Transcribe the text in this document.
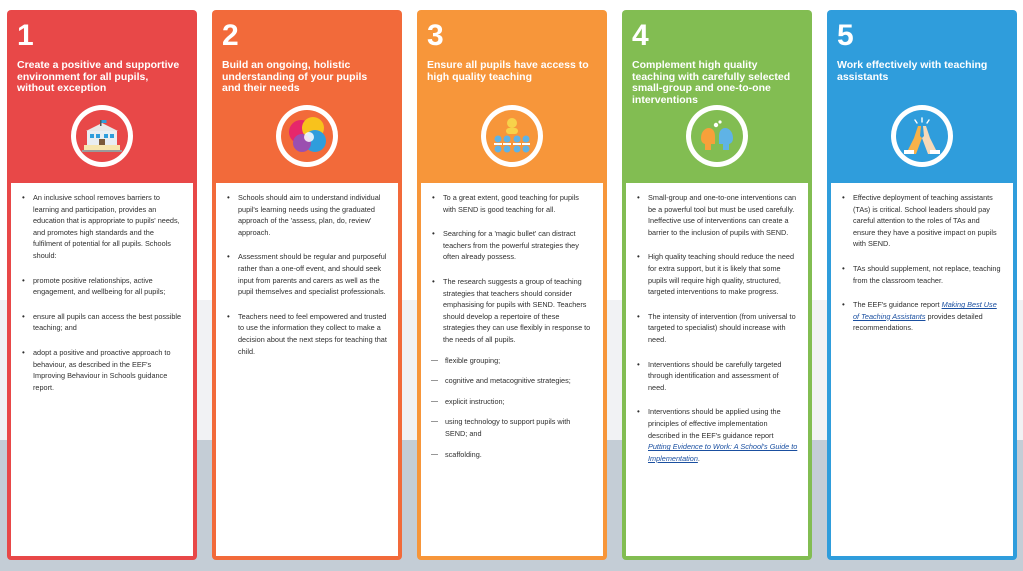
1
Create a positive and supportive environment for all pupils, without exception
• An inclusive school removes barriers to learning and participation, provides an education that is appropriate to pupils' needs, and promotes high standards and the fulfilment of potential for all pupils. Schools should:
• promote positive relationships, active engagement, and wellbeing for all pupils;
• ensure all pupils can access the best possible teaching; and
• adopt a positive and proactive approach to behaviour, as described in the EEF's Improving Behaviour in Schools guidance report.
2
Build an ongoing, holistic understanding of your pupils and their needs
• Schools should aim to understand individual pupil's learning needs using the graduated approach of the 'assess, plan, do, review' approach.
• Assessment should be regular and purposeful rather than a one-off event, and should seek input from parents and carers as well as the pupil themselves and specialist professionals.
• Teachers need to feel empowered and trusted to use the information they collect to make a decision about the next steps for teaching that child.
3
Ensure all pupils have access to high quality teaching
• To a great extent, good teaching for pupils with SEND is good teaching for all.
• Searching for a 'magic bullet' can distract teachers from the powerful strategies they often already possess.
• The research suggests a group of teaching strategies that teachers should consider emphasising for pupils with SEND. Teachers should develop a repertoire of these strategies they can use flexibly in response to the needs of all pupils.
— flexible grouping;
— cognitive and metacognitive strategies;
— explicit instruction;
— using technology to support pupils with SEND; and
— scaffolding.
4
Complement high quality teaching with carefully selected small-group and one-to-one interventions
• Small-group and one-to-one interventions can be a powerful tool but must be used carefully. Ineffective use of interventions can create a barrier to the inclusion of pupils with SEND.
• High quality teaching should reduce the need for extra support, but it is likely that some pupils will require high quality, structured, targeted interventions to make progress.
• The intensity of intervention (from universal to targeted to specialist) should increase with need.
• Interventions should be carefully targeted through identification and assessment of need.
• Interventions should be applied using the principles of effective implementation described in the EEF's guidance report Putting Evidence to Work: A School's Guide to Implementation.
5
Work effectively with teaching assistants
• Effective deployment of teaching assistants (TAs) is critical. School leaders should pay careful attention to the roles of TAs and ensure they have a positive impact on pupils with SEND.
• TAs should supplement, not replace, teaching from the classroom teacher.
• The EEF's guidance report Making Best Use of Teaching Assistants provides detailed recommendations.
